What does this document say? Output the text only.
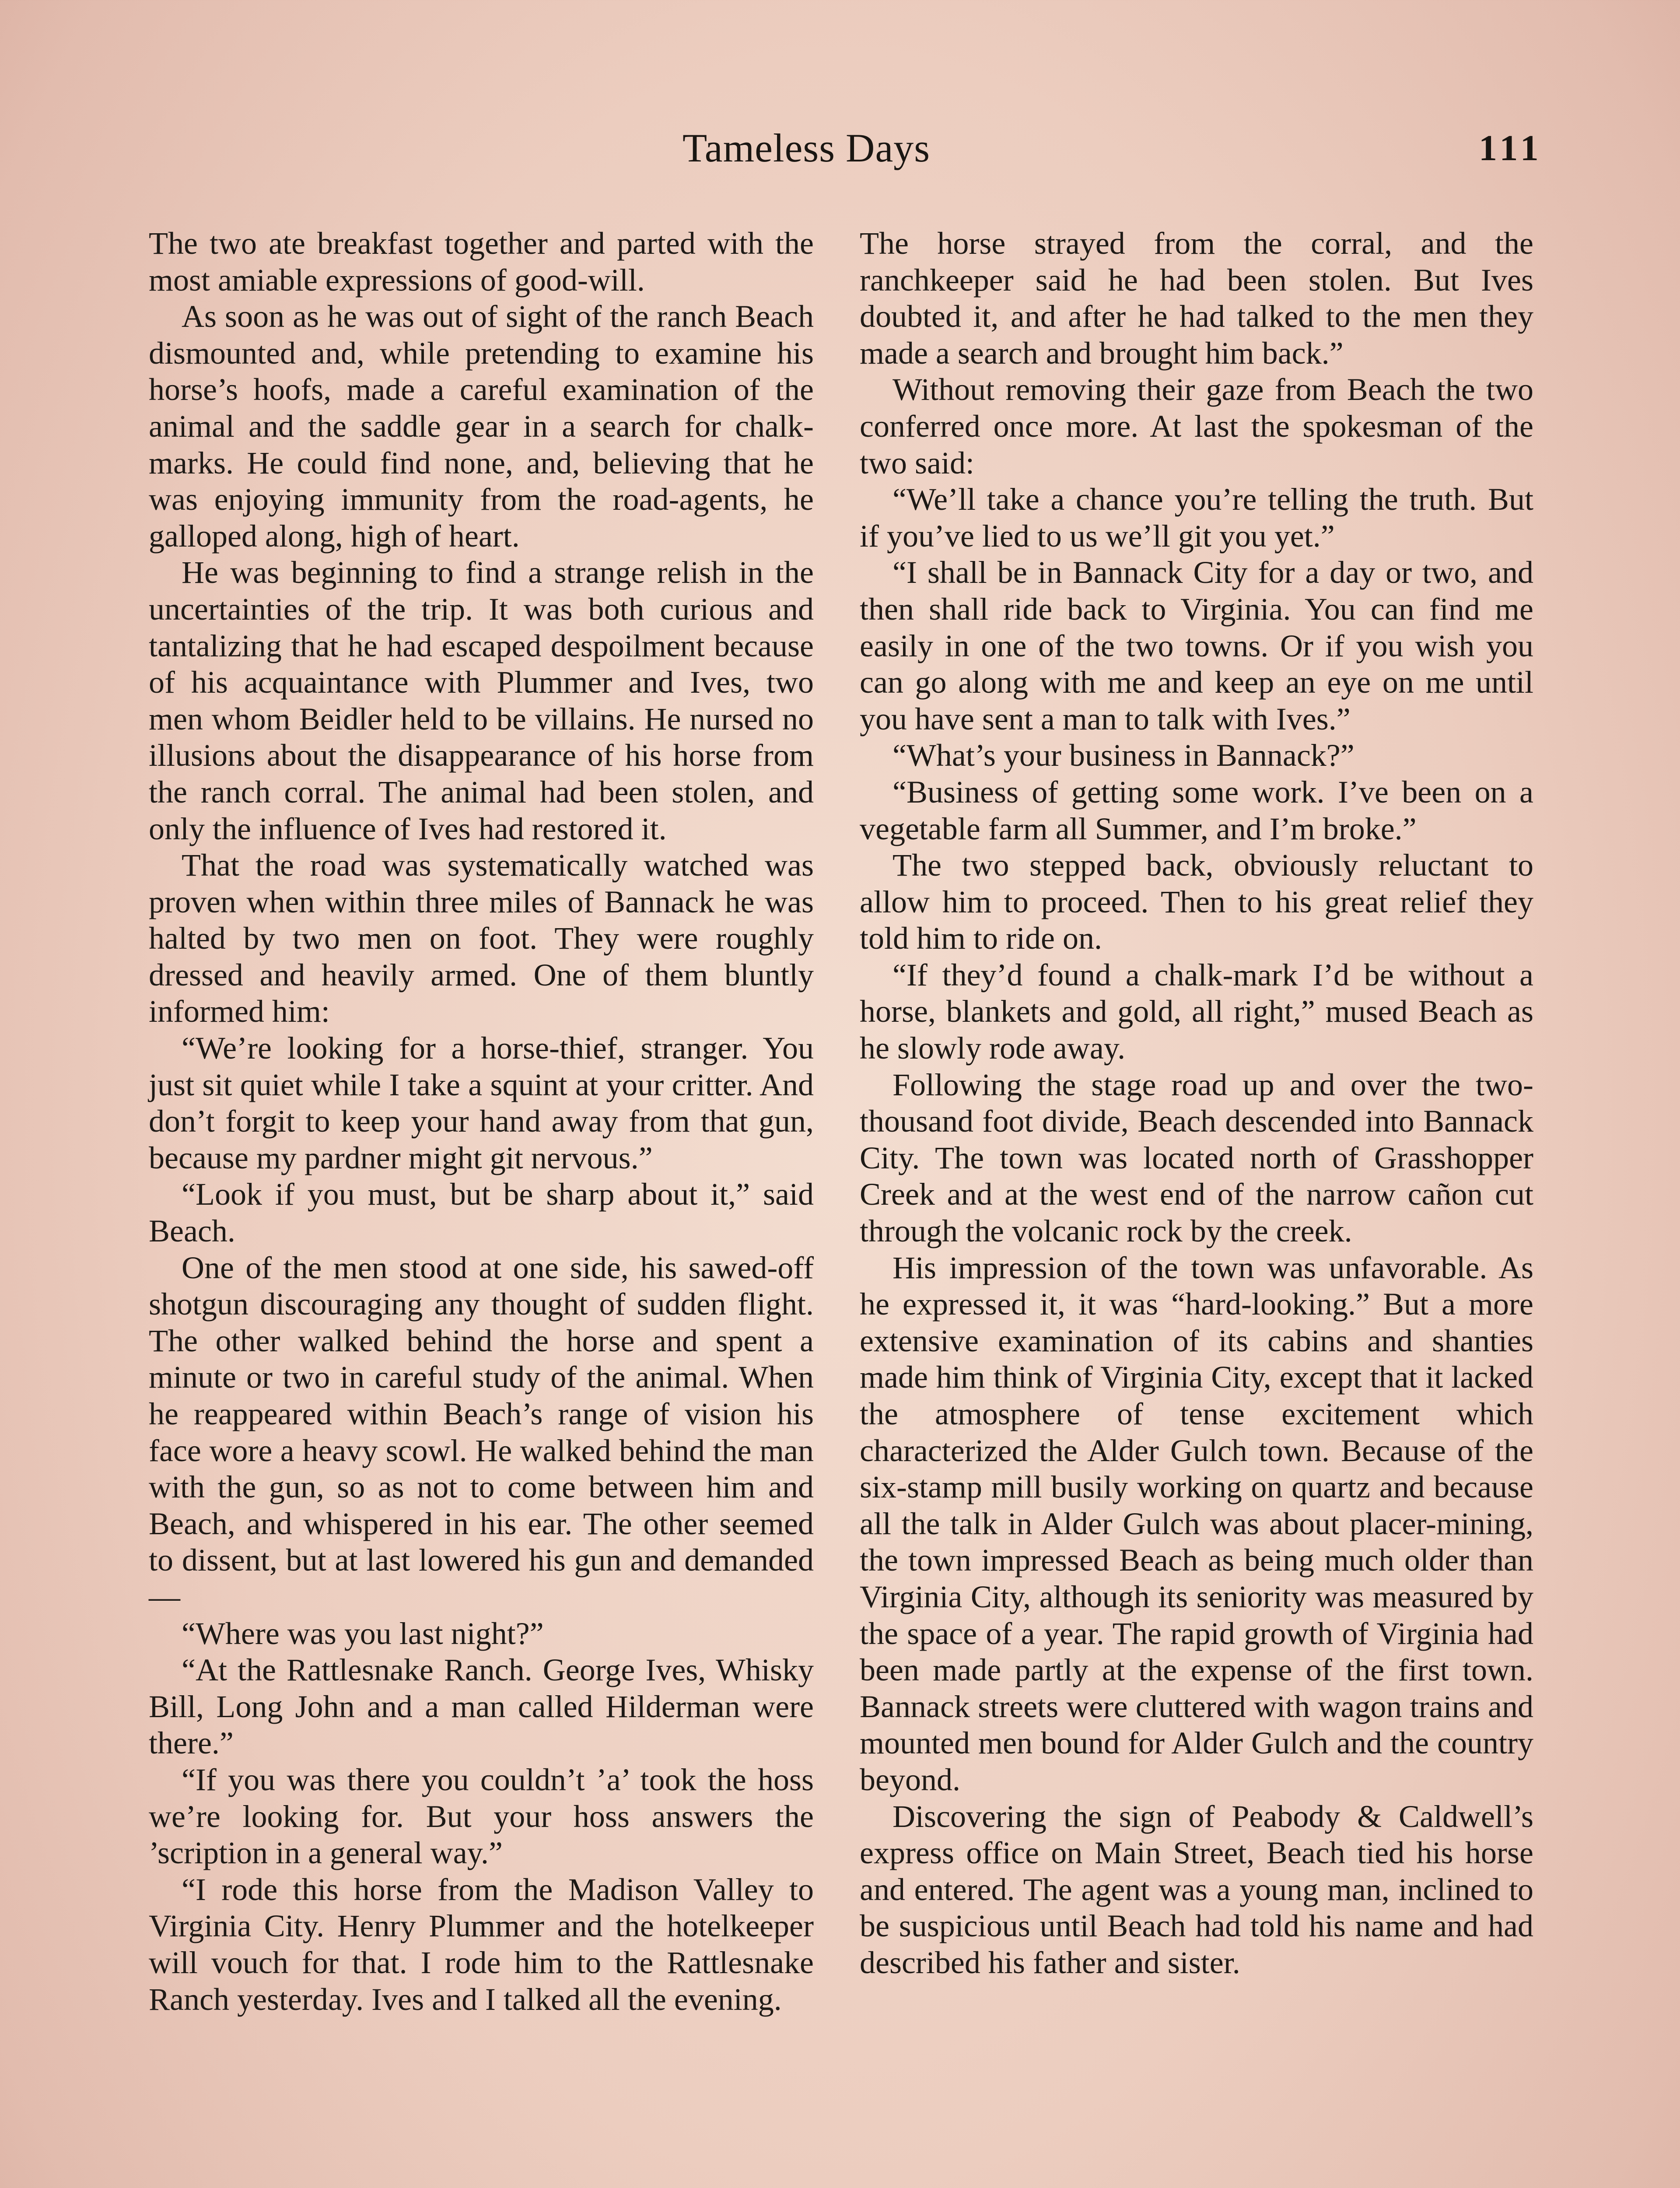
Tameless Days	111

The two ate breakfast together and parted with the most amiable expressions of good-will.

As soon as he was out of sight of the ranch Beach dismounted and, while pretending to examine his horse’s hoofs, made a careful examination of the animal and the saddle gear in a search for chalk-marks. He could find none, and, believing that he was enjoying immunity from the road-agents, he galloped along, high of heart.

He was beginning to find a strange relish in the uncertainties of the trip. It was both curious and tantalizing that he had escaped despoilment because of his acquaintance with Plummer and Ives, two men whom Beidler held to be villains. He nursed no illusions about the disappearance of his horse from the ranch corral. The animal had been stolen, and only the influence of Ives had restored it.

That the road was systematically watched was proven when within three miles of Bannack he was halted by two men on foot. They were roughly dressed and heavily armed. One of them bluntly informed him:

“We’re looking for a horse-thief, stranger. You just sit quiet while I take a squint at your critter. And don’t forgit to keep your hand away from that gun, because my pardner might git nervous.”

“Look if you must, but be sharp about it,” said Beach.

One of the men stood at one side, his sawed-off shotgun discouraging any thought of sudden flight. The other walked behind the horse and spent a minute or two in careful study of the animal. When he reappeared within Beach’s range of vision his face wore a heavy scowl. He walked behind the man with the gun, so as not to come between him and Beach, and whispered in his ear. The other seemed to dissent, but at last lowered his gun and demanded—

“Where was you last night?”

“At the Rattlesnake Ranch. George Ives, Whisky Bill, Long John and a man called Hilderman were there.”

“If you was there you couldn’t ’a’ took the hoss we’re looking for. But your hoss answers the ’scription in a general way.”

“I rode this horse from the Madison Valley to Virginia City. Henry Plummer and the hotelkeeper will vouch for that. I rode him to the Rattlesnake Ranch yesterday. Ives and I talked all the evening.

The horse strayed from the corral, and the ranchkeeper said he had been stolen. But Ives doubted it, and after he had talked to the men they made a search and brought him back.”

Without removing their gaze from Beach the two conferred once more. At last the spokesman of the two said:

“We’ll take a chance you’re telling the truth. But if you’ve lied to us we’ll git you yet.”

“I shall be in Bannack City for a day or two, and then shall ride back to Virginia. You can find me easily in one of the two towns. Or if you wish you can go along with me and keep an eye on me until you have sent a man to talk with Ives.”

“What’s your business in Bannack?”

“Business of getting some work. I’ve been on a vegetable farm all Summer, and I’m broke.”

The two stepped back, obviously reluctant to allow him to proceed. Then to his great relief they told him to ride on.

“If they’d found a chalk-mark I’d be without a horse, blankets and gold, all right,” mused Beach as he slowly rode away.

Following the stage road up and over the two-thousand foot divide, Beach descended into Bannack City. The town was located north of Grasshopper Creek and at the west end of the narrow cañon cut through the volcanic rock by the creek.

His impression of the town was unfavorable. As he expressed it, it was “hard-looking.” But a more extensive examination of its cabins and shanties made him think of Virginia City, except that it lacked the atmosphere of tense excitement which characterized the Alder Gulch town. Because of the six-stamp mill busily working on quartz and because all the talk in Alder Gulch was about placer-mining, the town impressed Beach as being much older than Virginia City, although its seniority was measured by the space of a year. The rapid growth of Virginia had been made partly at the expense of the first town. Bannack streets were cluttered with wagon trains and mounted men bound for Alder Gulch and the country beyond.

Discovering the sign of Peabody & Caldwell’s express office on Main Street, Beach tied his horse and entered. The agent was a young man, inclined to be suspicious until Beach had told his name and had described his father and sister.
